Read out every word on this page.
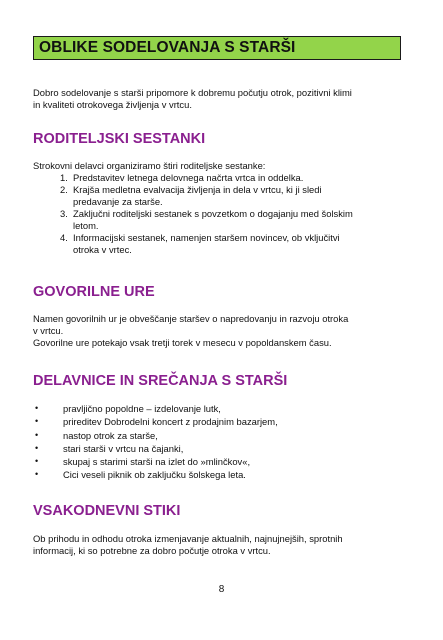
OBLIKE SODELOVANJA S STARŠI
Dobro sodelovanje s starši pripomore k dobremu počutju otrok, pozitivni klimi
in kvaliteti otrokovega življenja v vrtcu.
RODITELJSKI SESTANKI
Strokovni delavci organiziramo štiri roditeljske sestanke:
1. Predstavitev letnega delovnega načrta vrtca in oddelka.
2. Krajša medletna evalvacija življenja in dela v vrtcu, ki ji sledi
predavanje za starše.
3. Zaključni roditeljski sestanek s povzetkom o dogajanju med šolskim
letom.
4. Informacijski sestanek, namenjen staršem novincev, ob vključitvi
otroka v vrtec.
GOVORILNE URE
Namen govorilnih ur je obveščanje staršev o napredovanju in razvoju otroka
v vrtcu.
Govorilne ure potekajo vsak tretji torek v mesecu v popoldanskem času.
DELAVNICE IN SREČANJA S STARŠI
•	pravljično popoldne – izdelovanje lutk,
•	prireditev Dobrodelni koncert z prodajnim bazarjem,
•	nastop otrok za starše,
•	stari starši v vrtcu na čajanki,
•	skupaj s starimi starši na izlet do »mlinčkov«,
•	Cici veseli piknik ob zaključku šolskega leta.
VSAKODNEVNI STIKI
Ob prihodu in odhodu otroka izmenjavanje aktualnih, najnujnejših, sprotnih
informacij, ki so potrebne za dobro počutje otroka v vrtcu.
8
